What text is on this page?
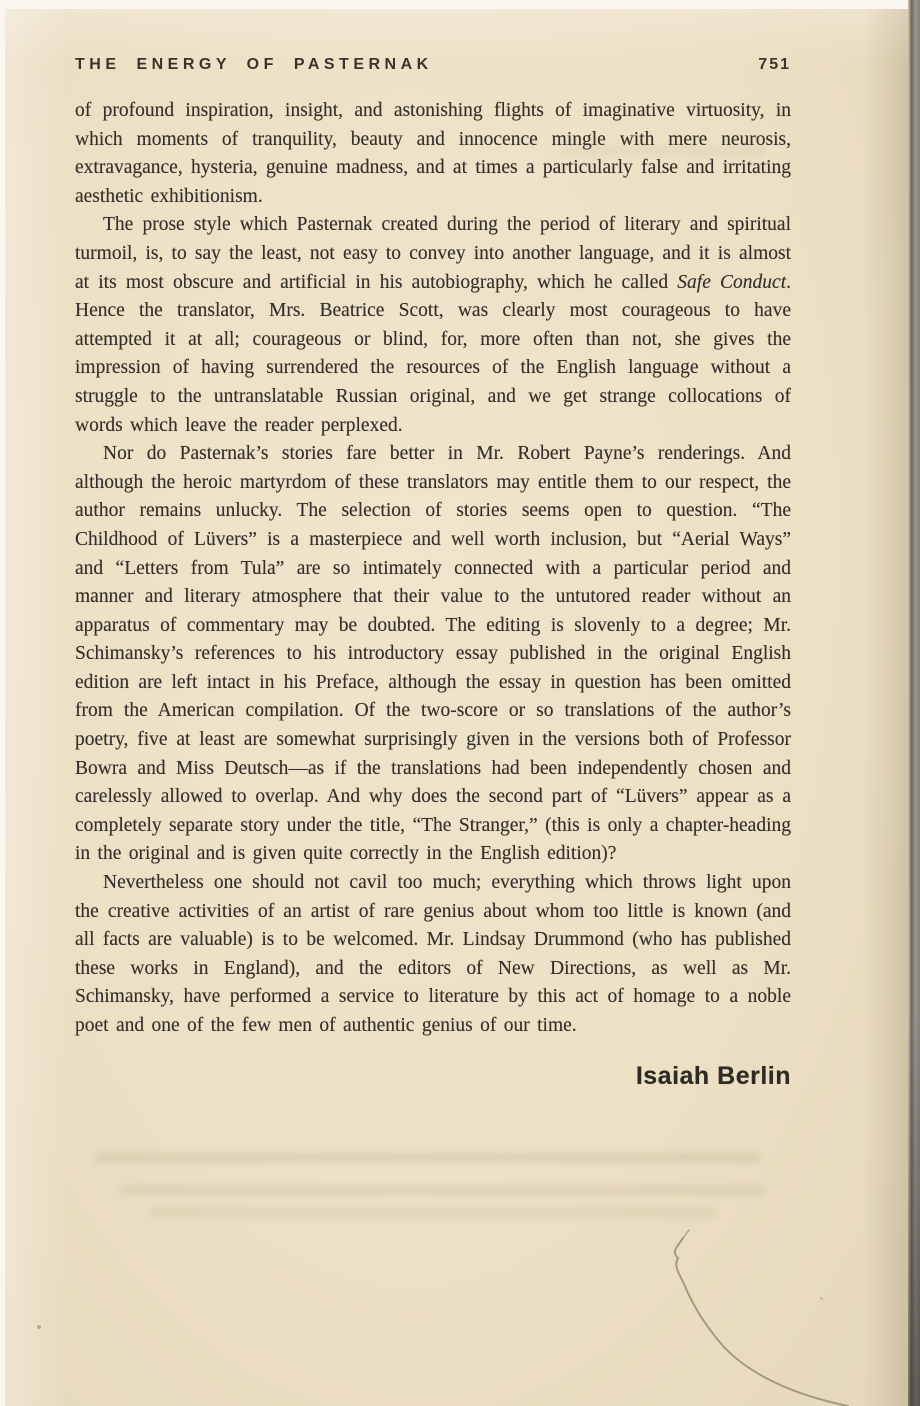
THE ENERGY OF PASTERNAK	751

of profound inspiration, insight, and astonishing flights of imaginative virtuosity, in which moments of tranquility, beauty and innocence mingle with mere neurosis, extravagance, hysteria, genuine madness, and at times a particularly false and irritating aesthetic exhibitionism.

The prose style which Pasternak created during the period of literary and spiritual turmoil, is, to say the least, not easy to convey into another language, and it is almost at its most obscure and artificial in his autobiography, which he called Safe Conduct. Hence the translator, Mrs. Beatrice Scott, was clearly most courageous to have attempted it at all; courageous or blind, for, more often than not, she gives the impression of having surrendered the resources of the English language without a struggle to the untranslatable Russian original, and we get strange collocations of words which leave the reader perplexed.

Nor do Pasternak’s stories fare better in Mr. Robert Payne’s renderings. And although the heroic martyrdom of these translators may entitle them to our respect, the author remains unlucky. The selection of stories seems open to question. “The Childhood of Lüvers” is a masterpiece and well worth inclusion, but “Aerial Ways” and “Letters from Tula” are so intimately connected with a particular period and manner and literary atmosphere that their value to the untutored reader without an apparatus of commentary may be doubted. The editing is slovenly to a degree; Mr. Schimansky’s references to his introductory essay published in the original English edition are left intact in his Preface, although the essay in question has been omitted from the American compilation. Of the two-score or so translations of the author’s poetry, five at least are somewhat surprisingly given in the versions both of Professor Bowra and Miss Deutsch—as if the translations had been independently chosen and carelessly allowed to overlap. And why does the second part of “Lüvers” appear as a completely separate story under the title, “The Stranger,” (this is only a chapter-heading in the original and is given quite correctly in the English edition)?

Nevertheless one should not cavil too much; everything which throws light upon the creative activities of an artist of rare genius about whom too little is known (and all facts are valuable) is to be welcomed. Mr. Lindsay Drummond (who has published these works in England), and the editors of New Directions, as well as Mr. Schimansky, have performed a service to literature by this act of homage to a noble poet and one of the few men of authentic genius of our time.

Isaiah Berlin
